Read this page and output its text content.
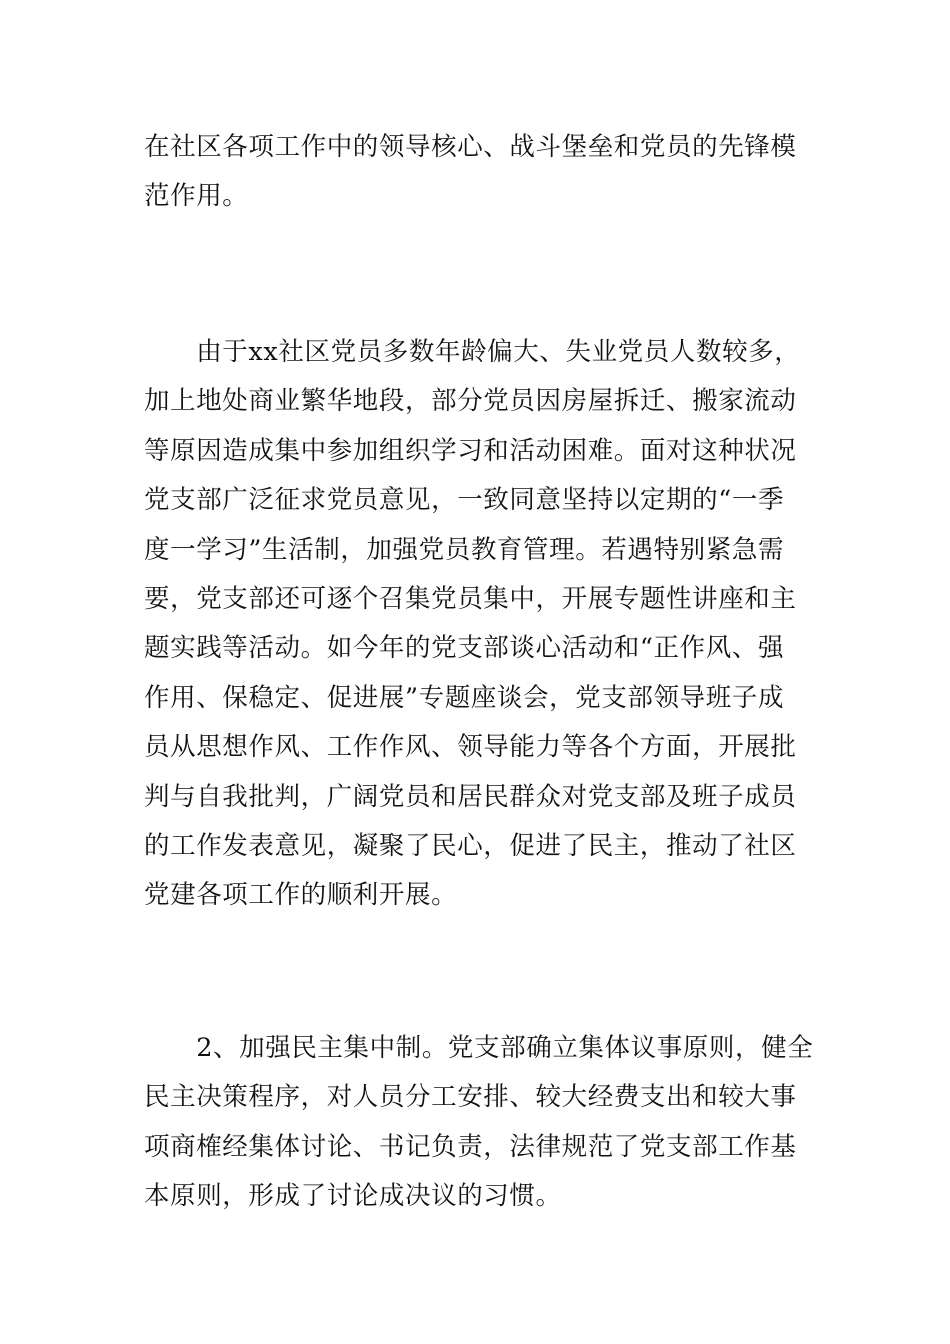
在社区各项工作中的领导核心、战斗堡垒和党员的先锋模
范作用。

　　由于xx社区党员多数年龄偏大、失业党员人数较多，
加上地处商业繁华地段，部分党员因房屋拆迁、搬家流动
等原因造成集中参加组织学习和活动困难。面对这种状况
党支部广泛征求党员意见，一致同意坚持以定期的“一季
度一学习”生活制，加强党员教育管理。若遇特别紧急需
要，党支部还可逐个召集党员集中，开展专题性讲座和主
题实践等活动。如今年的党支部谈心活动和“正作风、强
作用、保稳定、促进展”专题座谈会，党支部领导班子成
员从思想作风、工作作风、领导能力等各个方面，开展批
判与自我批判，广阔党员和居民群众对党支部及班子成员
的工作发表意见，凝聚了民心，促进了民主，推动了社区
党建各项工作的顺利开展。

　　2、加强民主集中制。党支部确立集体议事原则，健全
民主决策程序，对人员分工安排、较大经费支出和较大事
项商榷经集体讨论、书记负责，法律规范了党支部工作基
本原则，形成了讨论成决议的习惯。
